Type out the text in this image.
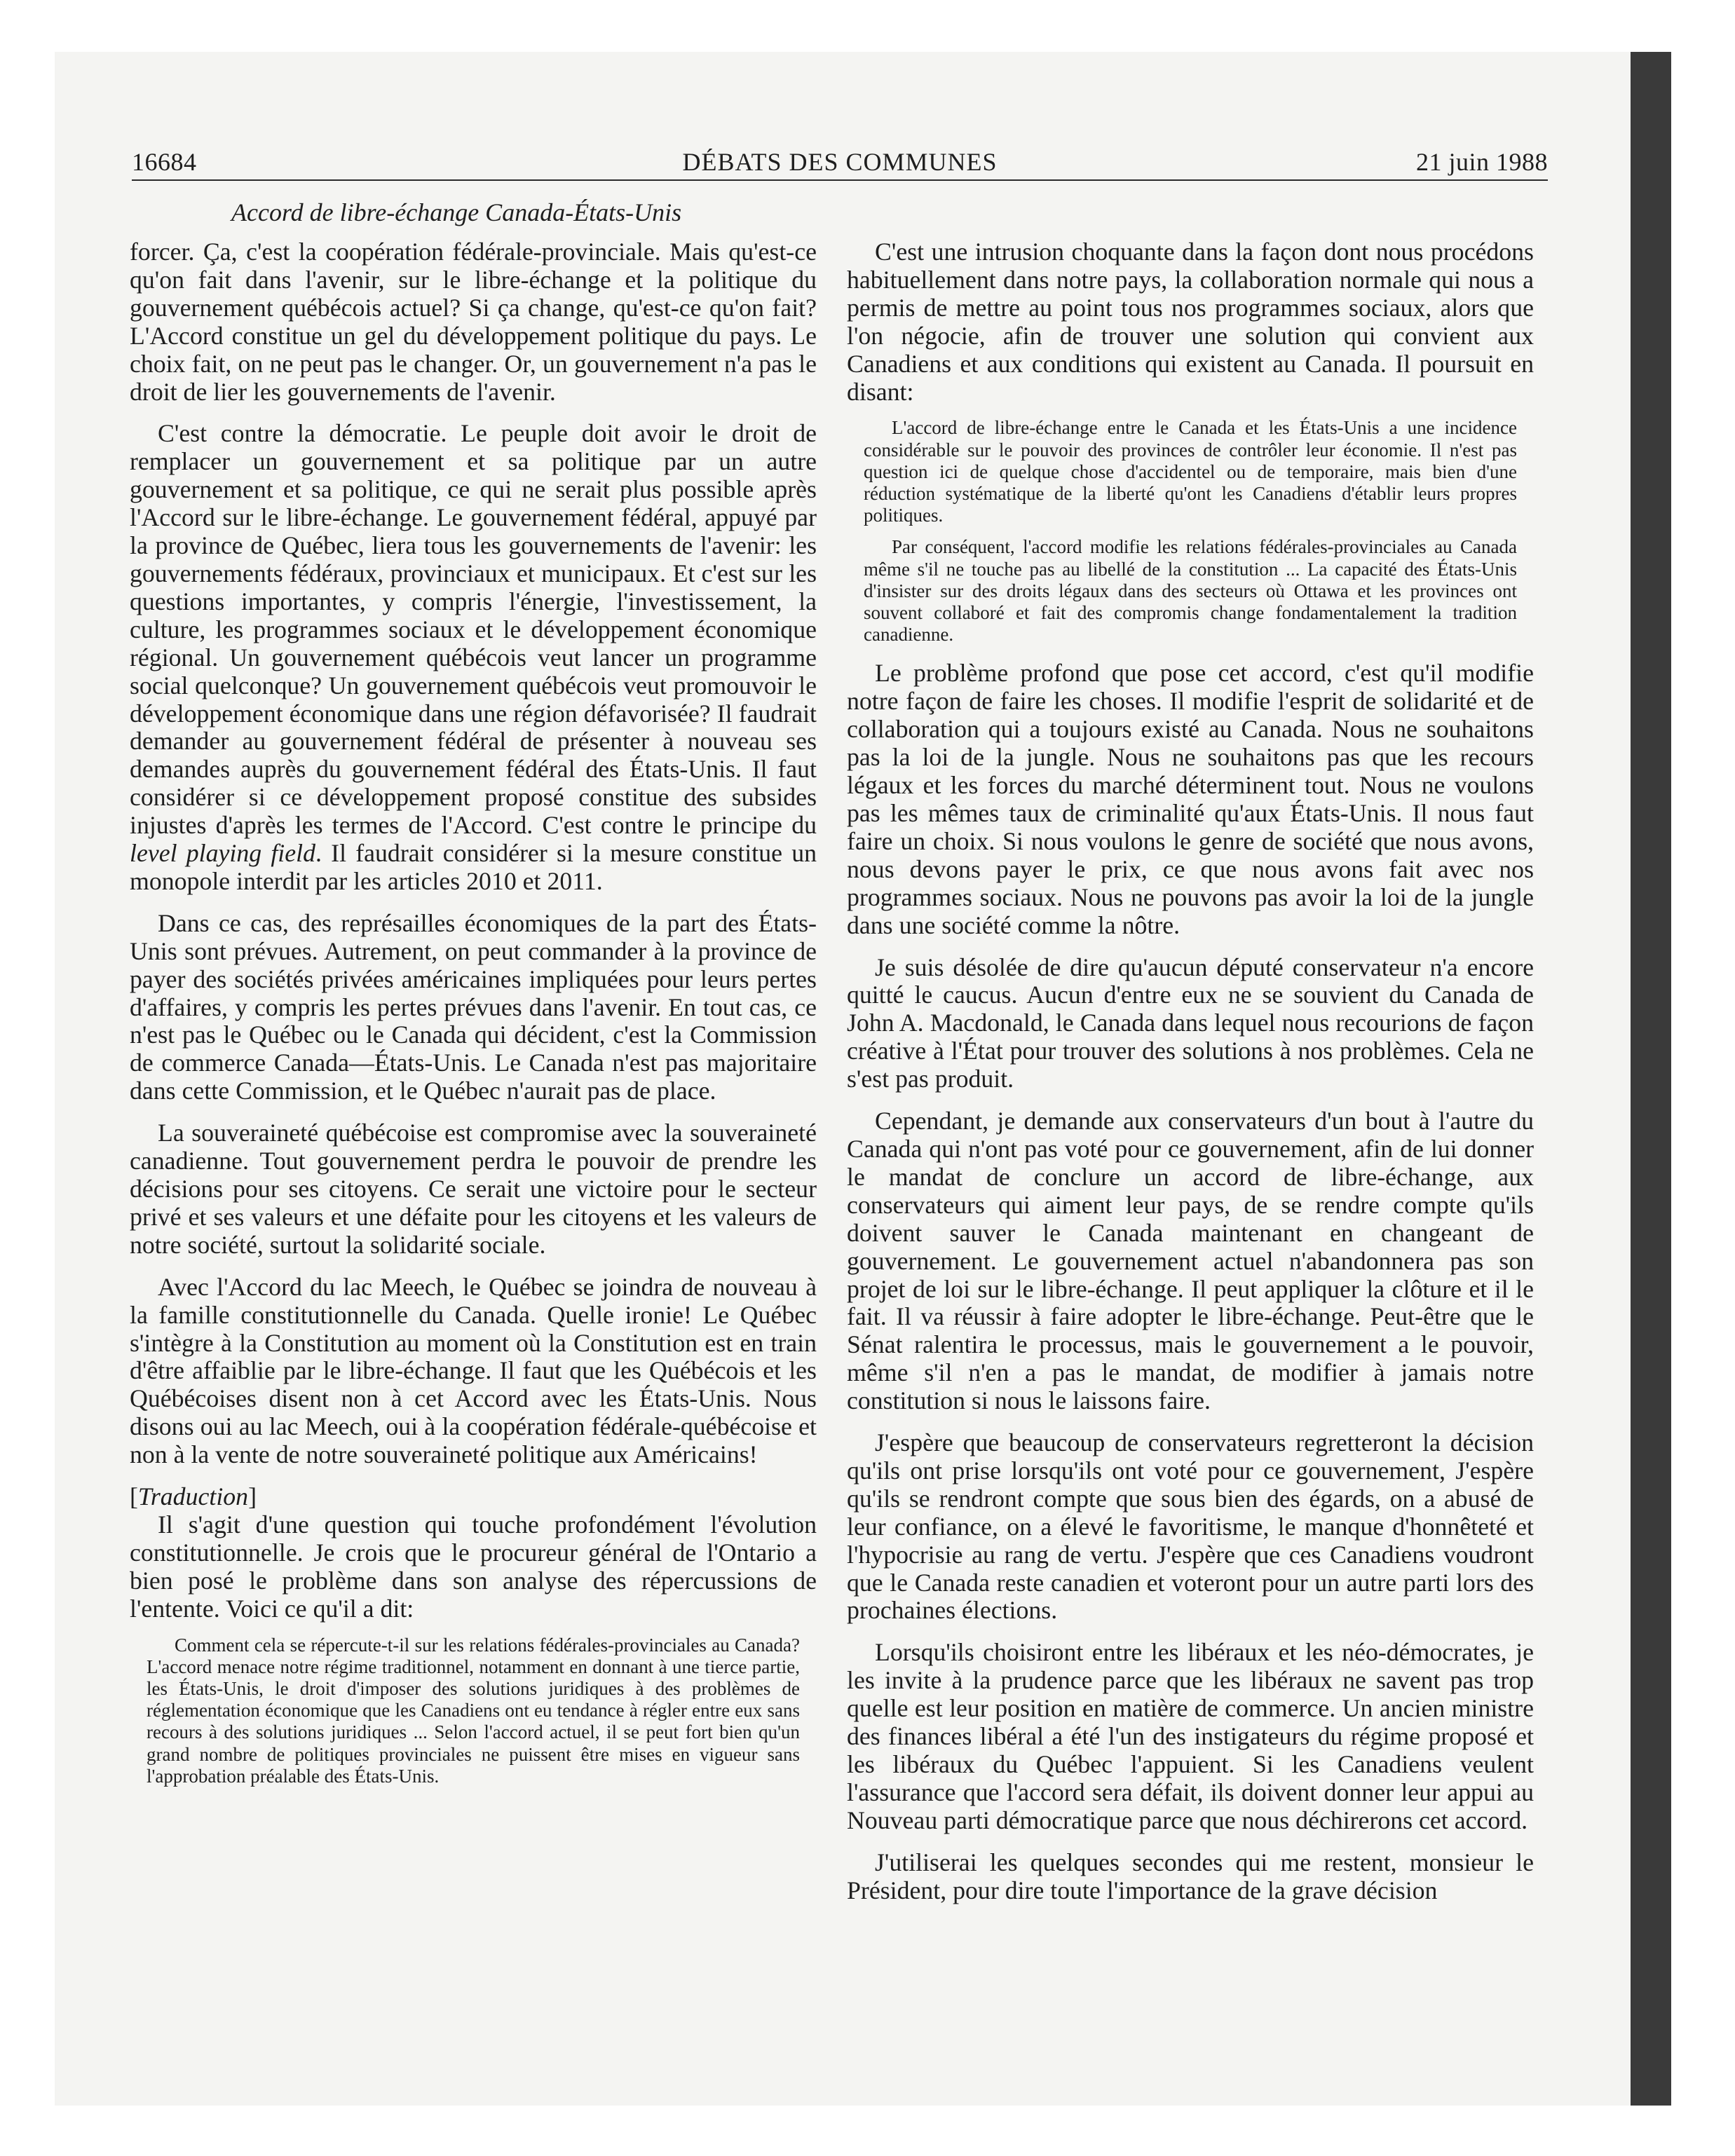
16684	DÉBATS DES COMMUNES	21 juin 1988
Accord de libre-échange Canada-États-Unis

forcer. Ça, c'est la coopération fédérale-provinciale. Mais qu'est-ce qu'on fait dans l'avenir, sur le libre-échange et la politique du gouvernement québécois actuel? Si ça change, qu'est-ce qu'on fait? L'Accord constitue un gel du développement politique du pays. Le choix fait, on ne peut pas le changer. Or, un gouvernement n'a pas le droit de lier les gouvernements de l'avenir.

C'est contre la démocratie. Le peuple doit avoir le droit de remplacer un gouvernement et sa politique par un autre gouvernement et sa politique, ce qui ne serait plus possible après l'Accord sur le libre-échange. Le gouvernement fédéral, appuyé par la province de Québec, liera tous les gouvernements de l'avenir: les gouvernements fédéraux, provinciaux et municipaux. Et c'est sur les questions importantes, y compris l'énergie, l'investissement, la culture, les programmes sociaux et le développement économique régional. Un gouvernement québécois veut lancer un programme social quelconque? Un gouvernement québécois veut promouvoir le développement économique dans une région défavorisée? Il faudrait demander au gouvernement fédéral de présenter à nouveau ses demandes auprès du gouvernement fédéral des États-Unis. Il faut considérer si ce développement proposé constitue des subsides injustes d'après les termes de l'Accord. C'est contre le principe du level playing field. Il faudrait considérer si la mesure constitue un monopole interdit par les articles 2010 et 2011.

Dans ce cas, des représailles économiques de la part des États-Unis sont prévues. Autrement, on peut commander à la province de payer des sociétés privées américaines impliquées pour leurs pertes d'affaires, y compris les pertes prévues dans l'avenir. En tout cas, ce n'est pas le Québec ou le Canada qui décident, c'est la Commission de commerce Canada—États-Unis. Le Canada n'est pas majoritaire dans cette Commission, et le Québec n'aurait pas de place.

La souveraineté québécoise est compromise avec la souveraineté canadienne. Tout gouvernement perdra le pouvoir de prendre les décisions pour ses citoyens. Ce serait une victoire pour le secteur privé et ses valeurs et une défaite pour les citoyens et les valeurs de notre société, surtout la solidarité sociale.

Avec l'Accord du lac Meech, le Québec se joindra de nouveau à la famille constitutionnelle du Canada. Quelle ironie! Le Québec s'intègre à la Constitution au moment où la Constitution est en train d'être affaiblie par le libre-échange. Il faut que les Québécois et les Québécoises disent non à cet Accord avec les États-Unis. Nous disons oui au lac Meech, oui à la coopération fédérale-québécoise et non à la vente de notre souveraineté politique aux Américains!

[Traduction]

Il s'agit d'une question qui touche profondément l'évolution constitutionnelle. Je crois que le procureur général de l'Ontario a bien posé le problème dans son analyse des répercussions de l'entente. Voici ce qu'il a dit:

Comment cela se répercute-t-il sur les relations fédérales-provinciales au Canada? L'accord menace notre régime traditionnel, notamment en donnant à une tierce partie, les États-Unis, le droit d'imposer des solutions juridiques à des problèmes de réglementation économique que les Canadiens ont eu tendance à régler entre eux sans recours à des solutions juridiques ... Selon l'accord actuel, il se peut fort bien qu'un grand nombre de politiques provinciales ne puissent être mises en vigueur sans l'approbation préalable des États-Unis.

C'est une intrusion choquante dans la façon dont nous procédons habituellement dans notre pays, la collaboration normale qui nous a permis de mettre au point tous nos programmes sociaux, alors que l'on négocie, afin de trouver une solution qui convient aux Canadiens et aux conditions qui existent au Canada. Il poursuit en disant:

L'accord de libre-échange entre le Canada et les États-Unis a une incidence considérable sur le pouvoir des provinces de contrôler leur économie. Il n'est pas question ici de quelque chose d'accidentel ou de temporaire, mais bien d'une réduction systématique de la liberté qu'ont les Canadiens d'établir leurs propres politiques.

Par conséquent, l'accord modifie les relations fédérales-provinciales au Canada même s'il ne touche pas au libellé de la constitution ... La capacité des États-Unis d'insister sur des droits légaux dans des secteurs où Ottawa et les provinces ont souvent collaboré et fait des compromis change fondamentalement la tradition canadienne.

Le problème profond que pose cet accord, c'est qu'il modifie notre façon de faire les choses. Il modifie l'esprit de solidarité et de collaboration qui a toujours existé au Canada. Nous ne souhaitons pas la loi de la jungle. Nous ne souhaitons pas que les recours légaux et les forces du marché déterminent tout. Nous ne voulons pas les mêmes taux de criminalité qu'aux États-Unis. Il nous faut faire un choix. Si nous voulons le genre de société que nous avons, nous devons payer le prix, ce que nous avons fait avec nos programmes sociaux. Nous ne pouvons pas avoir la loi de la jungle dans une société comme la nôtre.

Je suis désolée de dire qu'aucun député conservateur n'a encore quitté le caucus. Aucun d'entre eux ne se souvient du Canada de John A. Macdonald, le Canada dans lequel nous recourions de façon créative à l'État pour trouver des solutions à nos problèmes. Cela ne s'est pas produit.

Cependant, je demande aux conservateurs d'un bout à l'autre du Canada qui n'ont pas voté pour ce gouvernement, afin de lui donner le mandat de conclure un accord de libre-échange, aux conservateurs qui aiment leur pays, de se rendre compte qu'ils doivent sauver le Canada maintenant en changeant de gouvernement. Le gouvernement actuel n'abandonnera pas son projet de loi sur le libre-échange. Il peut appliquer la clôture et il le fait. Il va réussir à faire adopter le libre-échange. Peut-être que le Sénat ralentira le processus, mais le gouvernement a le pouvoir, même s'il n'en a pas le mandat, de modifier à jamais notre constitution si nous le laissons faire.

J'espère que beaucoup de conservateurs regretteront la décision qu'ils ont prise lorsqu'ils ont voté pour ce gouvernement, J'espère qu'ils se rendront compte que sous bien des égards, on a abusé de leur confiance, on a élevé le favoritisme, le manque d'honnêteté et l'hypocrisie au rang de vertu. J'espère que ces Canadiens voudront que le Canada reste canadien et voteront pour un autre parti lors des prochaines élections.

Lorsqu'ils choisiront entre les libéraux et les néo-démocrates, je les invite à la prudence parce que les libéraux ne savent pas trop quelle est leur position en matière de commerce. Un ancien ministre des finances libéral a été l'un des instigateurs du régime proposé et les libéraux du Québec l'appuient. Si les Canadiens veulent l'assurance que l'accord sera défait, ils doivent donner leur appui au Nouveau parti démocratique parce que nous déchirerons cet accord.

J'utiliserai les quelques secondes qui me restent, monsieur le Président, pour dire toute l'importance de la grave décision
